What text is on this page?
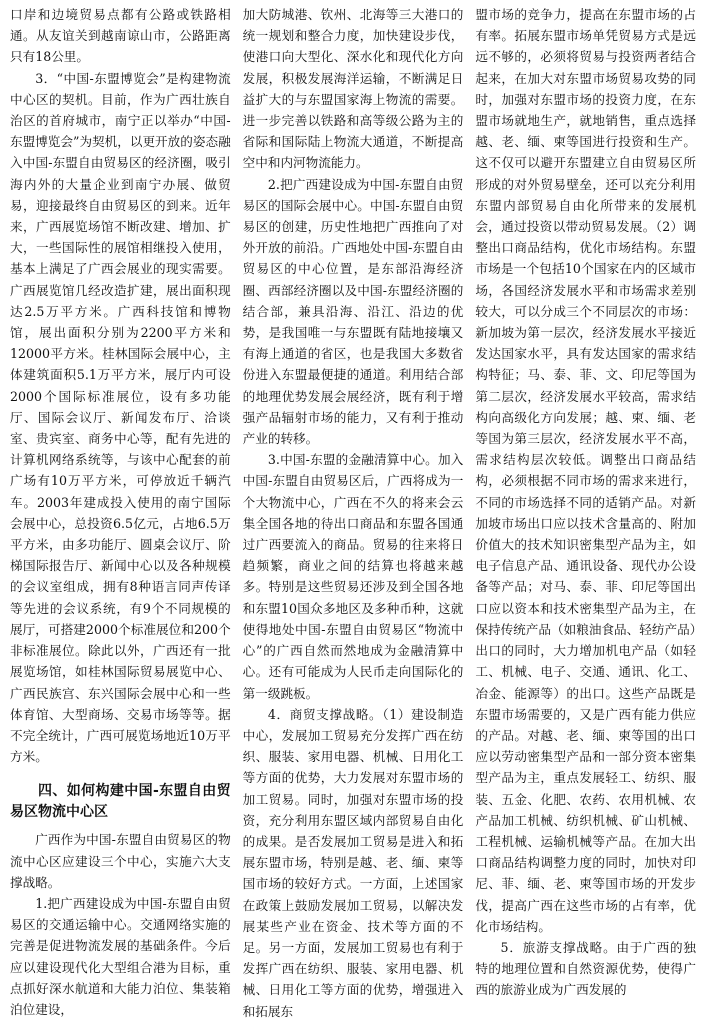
口岸和边境贸易点都有公路或铁路相通。从友谊关到越南谅山市，公路距离只有18公里。

3．“中国-东盟博览会”是构建物流中心区的契机。目前，作为广西壮族自治区的首府城市，南宁正以举办“中国-东盟博览会”为契机，以更开放的姿态融入中国-东盟自由贸易区的经济圈，吸引海内外的大量企业到南宁办展、做贸易，迎接最终自由贸易区的到来。近年来，广西展览场馆不断改建、增加、扩大，一些国际性的展馆相继投入使用，基本上满足了广西会展业的现实需要。广西展览馆几经改造扩建，展出面积现达2.5万平方米。广西科技馆和博物馆，展出面积分别为2200平方米和12000平方米。桂林国际会展中心，主体建筑面积5.1万平方米，展厅内可设2000个国际标准展位，设有多功能厅、国际会议厅、新闻发布厅、洽谈室、贵宾室、商务中心等，配有先进的计算机网络系统等，与该中心配套的前广场有10万平方米，可停放近千辆汽车。2003年建成投入使用的南宁国际会展中心，总投资6.5亿元，占地6.5万平方米，由多功能厅、圆桌会议厅、阶梯国际报告厅、新闻中心以及各种规模的会议室组成，拥有8种语言同声传译等先进的会议系统，有9个不同规模的展厅，可搭建2000个标准展位和200个非标准展位。除此以外，广西还有一批展览场馆，如桂林国际贸易展览中心、广西民族宫、东兴国际会展中心和一些体育馆、大型商场、交易市场等等。据不完全统计，广西可展览场地近10万平方米。

四、如何构建中国-东盟自由贸易区物流中心区

广西作为中国-东盟自由贸易区的物流中心区应建设三个中心，实施六大支撑战略。

1.把广西建设成为中国-东盟自由贸易区的交通运输中心。交通网络实施的完善是促进物流发展的基础条件。今后应以建设现代化大型组合港为目标，重点抓好深水航道和大能力泊位、集装箱泊位建设，

加大防城港、钦州、北海等三大港口的统一规划和整合力度，加快建设步伐，使港口向大型化、深水化和现代化方向发展，积极发展海洋运输，不断满足日益扩大的与东盟国家海上物流的需要。进一步完善以铁路和高等级公路为主的省际和国际陆上物流大通道，不断提高空中和内河物流能力。

2.把广西建设成为中国-东盟自由贸易区的国际会展中心。中国-东盟自由贸易区的创建，历史性地把广西推向了对外开放的前沿。广西地处中国-东盟自由贸易区的中心位置，是东部沿海经济圈、西部经济圈以及中国-东盟经济圈的结合部，兼具沿海、沿江、沿边的优势，是我国唯一与东盟既有陆地接壤又有海上通道的省区，也是我国大多数省份进入东盟最便捷的通道。利用结合部的地理优势发展会展经济，既有利于增强产品辐射市场的能力，又有利于推动产业的转移。

3.中国-东盟的金融清算中心。加入中国-东盟自由贸易区后，广西将成为一个大物流中心，广西在不久的将来会云集全国各地的待出口商品和东盟各国通过广西要流入的商品。贸易的往来将日趋频繁，商业之间的结算也将越来越多。特别是这些贸易还涉及到全国各地和东盟10国众多地区及多种币种，这就使得地处中国-东盟自由贸易区“物流中心”的广西自然而然地成为金融清算中心。还有可能成为人民币走向国际化的第一级跳板。

4．商贸支撑战略。（1）建设制造中心，发展加工贸易充分发挥广西在纺织、服装、家用电器、机械、日用化工等方面的优势，大力发展对东盟市场的加工贸易。同时，加强对东盟市场的投资，充分利用东盟区域内部贸易自由化的成果。是否发展加工贸易是进入和拓展东盟市场，特别是越、老、缅、柬等国市场的较好方式。一方面，上述国家在政策上鼓励发展加工贸易，以解决发展某些产业在资金、技术等方面的不足。另一方面，发展加工贸易也有利于发挥广西在纺织、服装、家用电器、机械、日用化工等方面的优势，增强进入和拓展东

盟市场的竞争力，提高在东盟市场的占有率。拓展东盟市场单凭贸易方式是远远不够的，必须将贸易与投资两者结合起来，在加大对东盟市场贸易攻势的同时，加强对东盟市场的投资力度，在东盟市场就地生产，就地销售，重点选择越、老、缅、柬等国进行投资和生产。这不仅可以避开东盟建立自由贸易区所形成的对外贸易壁垒，还可以充分利用东盟内部贸易自由化所带来的发展机会，通过投资以带动贸易发展。（2）调整出口商品结构，优化市场结构。东盟市场是一个包括10个国家在内的区域市场，各国经济发展水平和市场需求差别较大，可以分成三个不同层次的市场：新加坡为第一层次，经济发展水平接近发达国家水平，具有发达国家的需求结构特征；马、泰、菲、文、印尼等国为第二层次，经济发展水平较高，需求结构向高级化方向发展；越、柬、缅、老等国为第三层次，经济发展水平不高，需求结构层次较低。调整出口商品结构，必须根据不同市场的需求来进行，不同的市场选择不同的适销产品。对新加坡市场出口应以技术含量高的、附加价值大的技术知识密集型产品为主，如电子信息产品、通讯设备、现代办公设备等产品；对马、泰、菲、印尼等国出口应以资本和技术密集型产品为主，在保持传统产品（如粮油食品、轻纺产品）出口的同时，大力增加机电产品（如轻工、机械、电子、交通、通讯、化工、冶金、能源等）的出口。这些产品既是东盟市场需要的，又是广西有能力供应的产品。对越、老、缅、柬等国的出口应以劳动密集型产品和一部分资本密集型产品为主，重点发展轻工、纺织、服装、五金、化肥、农药、农用机械、农产品加工机械、纺织机械、矿山机械、工程机械、运输机械等产品。在加大出口商品结构调整力度的同时，加快对印尼、菲、缅、老、柬等国市场的开发步伐，提高广西在这些市场的占有率，优化市场结构。

5．旅游支撑战略。由于广西的独特的地理位置和自然资源优势，使得广西的旅游业成为广西发展的
